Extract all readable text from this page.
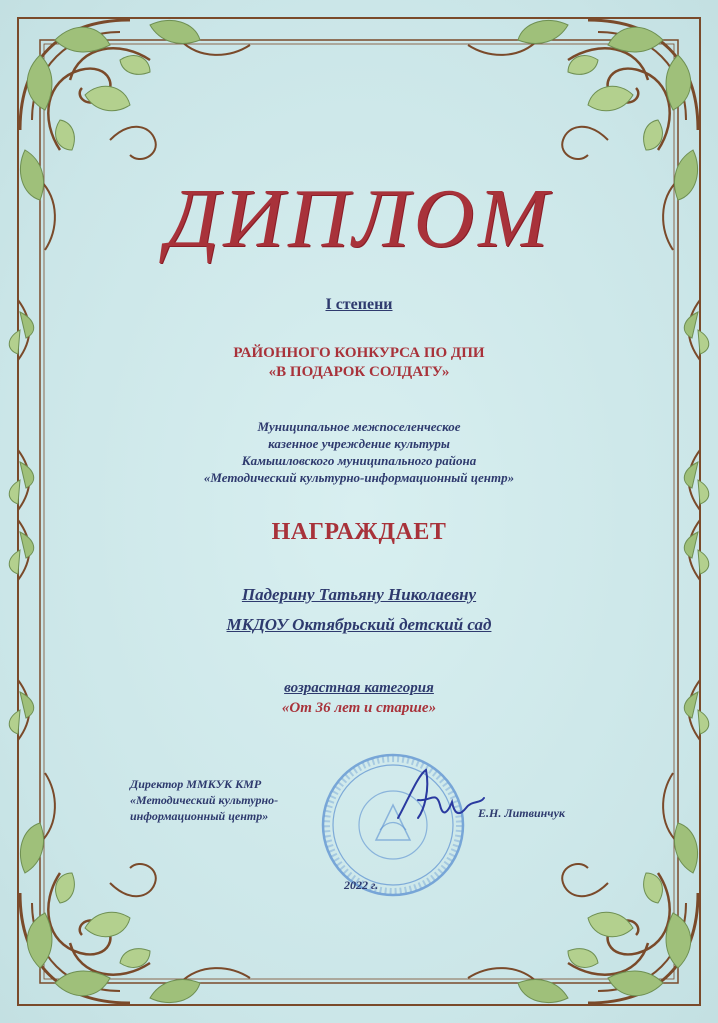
ДИПЛОМ
I степени
РАЙОННОГО КОНКУРСА ПО ДПИ
«В ПОДАРОК СОЛДАТУ»
Муниципальное межпоселенческое
казенное учреждение культуры
Камышловского муниципального района
«Методический культурно-информационный центр»
НАГРАЖДАЕТ
Падерину Татьяну Николаевну
МКДОУ Октябрьский детский сад
возрастная категория
«От 36 лет и старше»
Директор ММКУК КМР
«Методический культурно-
информационный центр»	Е.Н. Литвинчук
2022 г.
